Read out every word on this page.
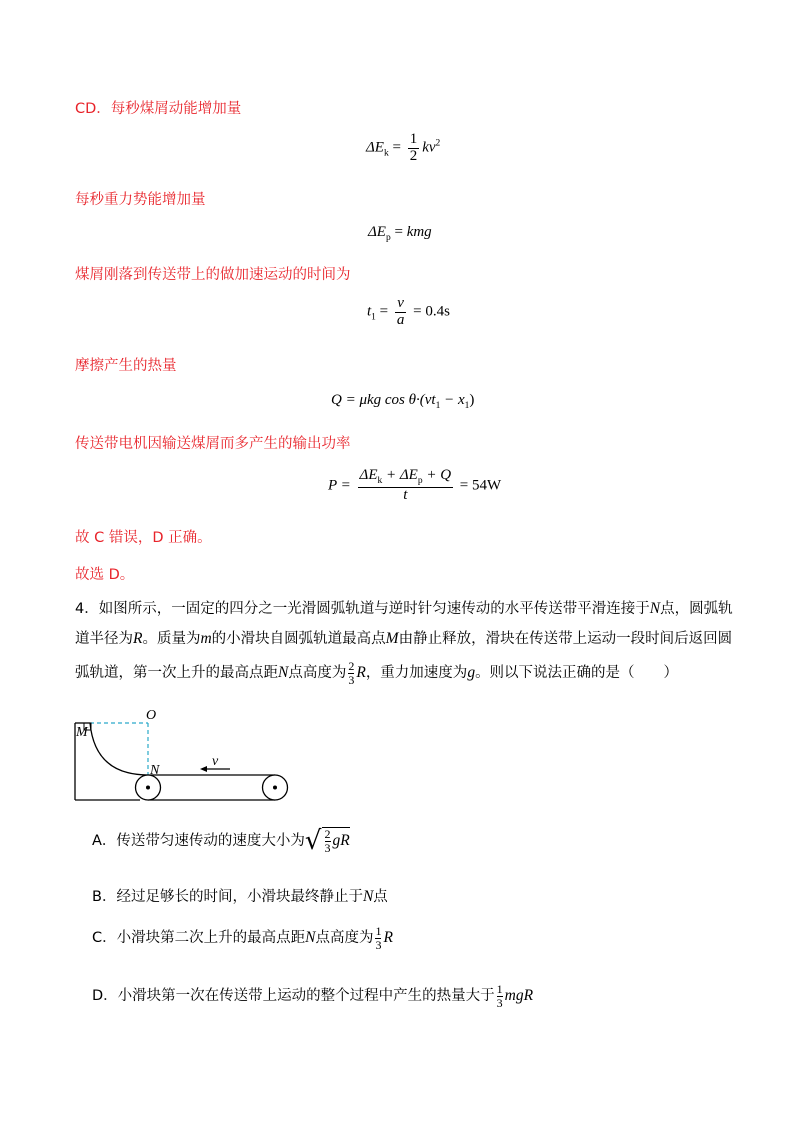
CD．每秒煤屑动能增加量
$\Delta E_k = \frac{1}{2} kv^2$
每秒重力势能增加量
$\Delta E_p$ = kmg
煤屑刚落到传送带上的做加速运动的时间为
$t_1 = \frac{v}{a} = 0.4s$
摩擦产生的热量
Q = μkg $\cos \theta\cdot(vt_1 - x_1)$
传送带电机因输送煤屑而多产生的输出功率
$P = \frac{\Delta E_k + \Delta E_p + Q}{t} = 54W$
故 C 错误，D 正确。
故选 D。
4．如图所示，一固定的四分之一光滑圆弧轨道与逆时针匀速传动的水平传送带平滑连接于N点，圆弧轨
道半径为R。质量为m的小滑块自圆弧轨道最高点M由静止释放，滑块在传送带上运动一段时间后返回圆
弧轨道，第一次上升的最高点距N点高度为 $\frac{2}{3}$ R，重力加速度为g。则以下说法正确的是（　　）
M
O
N
v
A．传送带匀速传动的速度大小为√ $\frac{2}{3}$ gR
B．经过足够长的时间，小滑块最终静止于N点
C．小滑块第二次上升的最高点距N点高度为 $\frac{1}{3}$ R
D．小滑块第一次在传送带上运动的整个过程中产生的热量大于 $\frac{1}{3}$ mgR
